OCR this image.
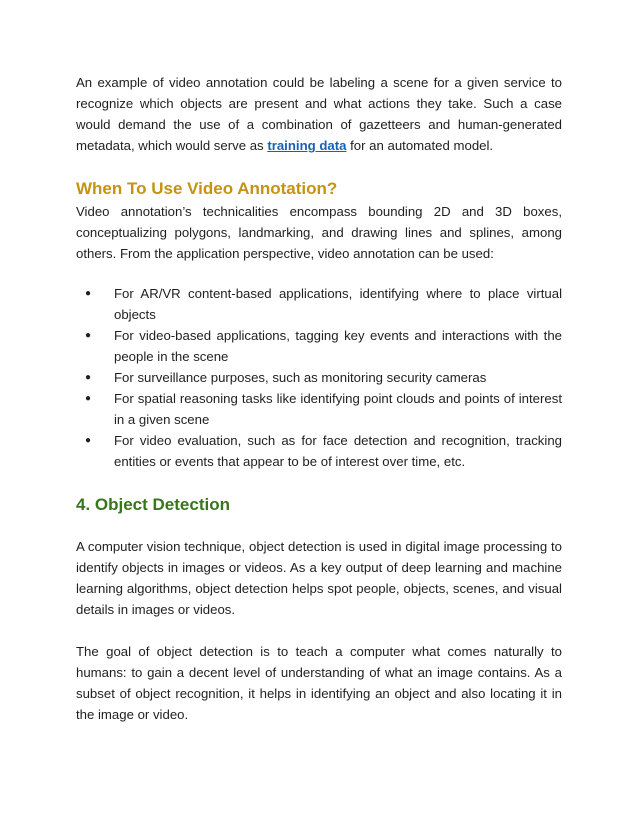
An example of video annotation could be labeling a scene for a given service to recognize which objects are present and what actions they take. Such a case would demand the use of a combination of gazetteers and human-generated metadata, which would serve as training data for an automated model.

When To Use Video Annotation?

Video annotation’s technicalities encompass bounding 2D and 3D boxes, conceptualizing polygons, landmarking, and drawing lines and splines, among others. From the application perspective, video annotation can be used:

● For AR/VR content-based applications, identifying where to place virtual objects
● For video-based applications, tagging key events and interactions with the people in the scene
● For surveillance purposes, such as monitoring security cameras
● For spatial reasoning tasks like identifying point clouds and points of interest in a given scene
● For video evaluation, such as for face detection and recognition, tracking entities or events that appear to be of interest over time, etc.
4. Object Detection

A computer vision technique, object detection is used in digital image processing to identify objects in images or videos. As a key output of deep learning and machine learning algorithms, object detection helps spot people, objects, scenes, and visual details in images or videos.

The goal of object detection is to teach a computer what comes naturally to humans: to gain a decent level of understanding of what an image contains. As a subset of object recognition, it helps in identifying an object and also locating it in the image or video.
